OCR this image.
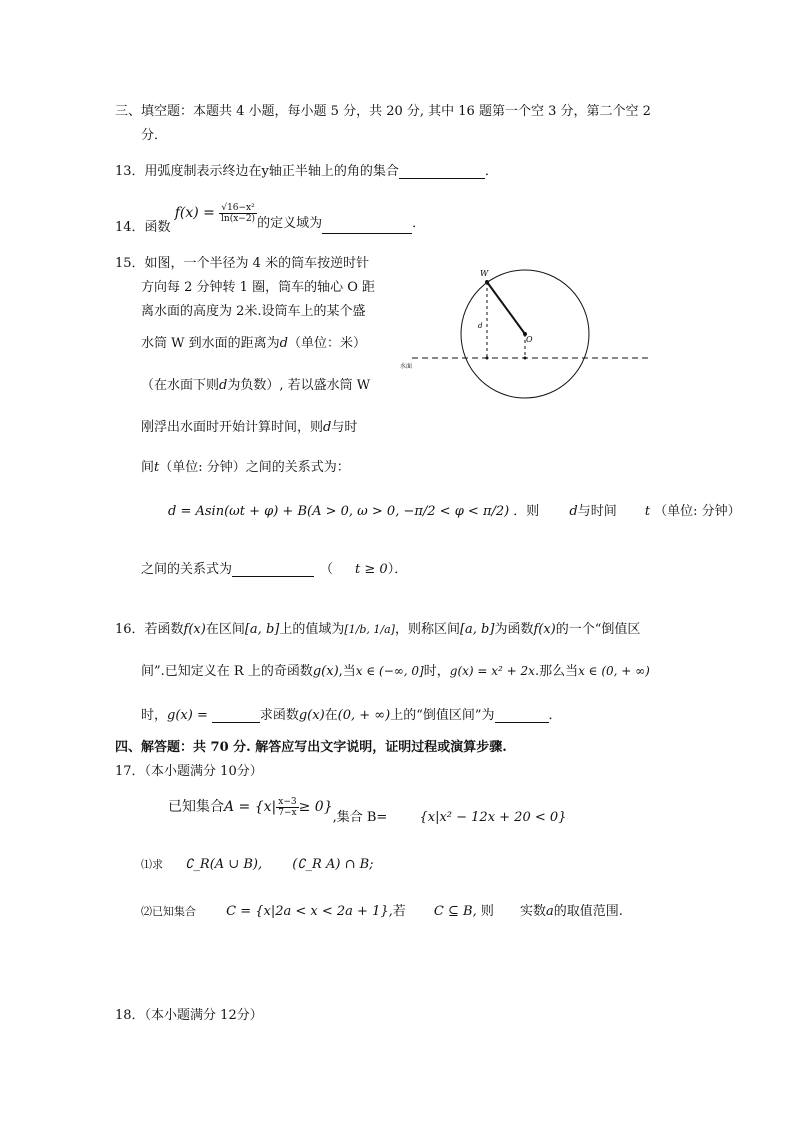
三、填空题：本题共 4 小题，每小题 5 分，共 20 分, 其中 16 题第一个空 3 分，第二个空 2
分．
13．用弧度制表示终边在y轴正半轴上的角的集合	．
14．函数 $f(x) = \frac{\text{√16−x²}}{\ln(x-2)}$ 的定义域为	．
15．如图，一个半径为 4 米的筒车按逆时针
方向每 2 分钟转 1 圈，筒车的轴心 O 距
离水面的高度为 2米.设筒车上的某个盛
水筒 W 到水面的距离为d（单位：米）
（在水面下则d为负数）, 若以盛水筒 W
刚浮出水面时开始计算时间，则d与时
间t（单位: 分钟）之间的关系式为：
d = Asin(ωt + φ) + B(A > 0, ω > 0, −π/2 < φ < π/2) ．则 d与时间 t （单位: 分钟）
之间的关系式为	（ t ≥ 0）．
W
O
d
水面
16．若函数f(x)在区间[a, b]上的值域为[1/b, 1/a]，则称区间[a, b]为函数f(x)的一个“倒值区
间”.已知定义在 R 上的奇函数g(x),当x ∈ (−∞, 0]时，g(x) = x² + 2x.那么当x ∈ (0, + ∞)
时，g(x) =	求函数g(x)在(0, + ∞)上的“倒值区间”为	．
四、解答题：共 70 分. 解答应写出文字说明，证明过程或演算步骤.
17．（本小题满分 10分）
已知集合$A = \{x| \frac{x-3}{7-x} \ge 0\}$,集合 B= {x|x² − 12x + 20 < 0}
⑴求 ∁_R(A ∪ B), (∁_R A) ∩ B;
⑵已知集合 C = {x|2a < x < 2a + 1},若 C ⊆ B, 则 实数a的取值范围.
18．（本小题满分 12分）
